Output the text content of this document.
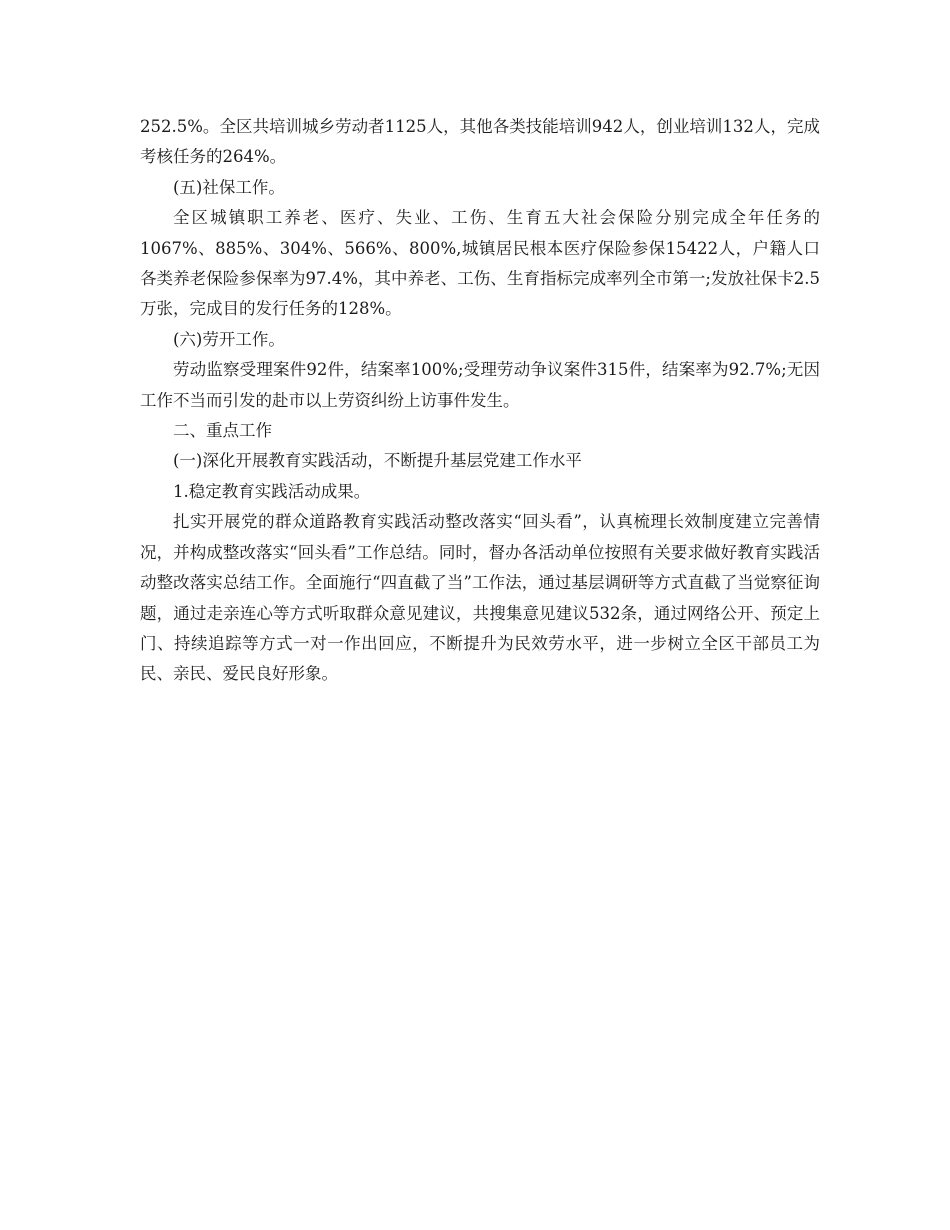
252.5%。全区共培训城乡劳动者1125人，其他各类技能培训942人，创业培训132人，完成考核任务的264%。

(五)社保工作。

全区城镇职工养老、医疗、失业、工伤、生育五大社会保险分别完成全年任务的1067%、885%、304%、566%、800%,城镇居民根本医疗保险参保15422人，户籍人口各类养老保险参保率为97.4%，其中养老、工伤、生育指标完成率列全市第一;发放社保卡2.5万张，完成目的发行任务的128%。

(六)劳开工作。

劳动监察受理案件92件，结案率100%;受理劳动争议案件315件，结案率为92.7%;无因工作不当而引发的赴市以上劳资纠纷上访事件发生。

二、重点工作

(一)深化开展教育实践活动，不断提升基层党建工作水平

1.稳定教育实践活动成果。

扎实开展党的群众道路教育实践活动整改落实“回头看”，认真梳理长效制度建立完善情况，并构成整改落实“回头看”工作总结。同时，督办各活动单位按照有关要求做好教育实践活动整改落实总结工作。全面施行“四直截了当”工作法，通过基层调研等方式直截了当觉察征询题，通过走亲连心等方式听取群众意见建议，共搜集意见建议532条，通过网络公开、预定上门、持续追踪等方式一对一作出回应，不断提升为民效劳水平，进一步树立全区干部员工为民、亲民、爱民良好形象。
